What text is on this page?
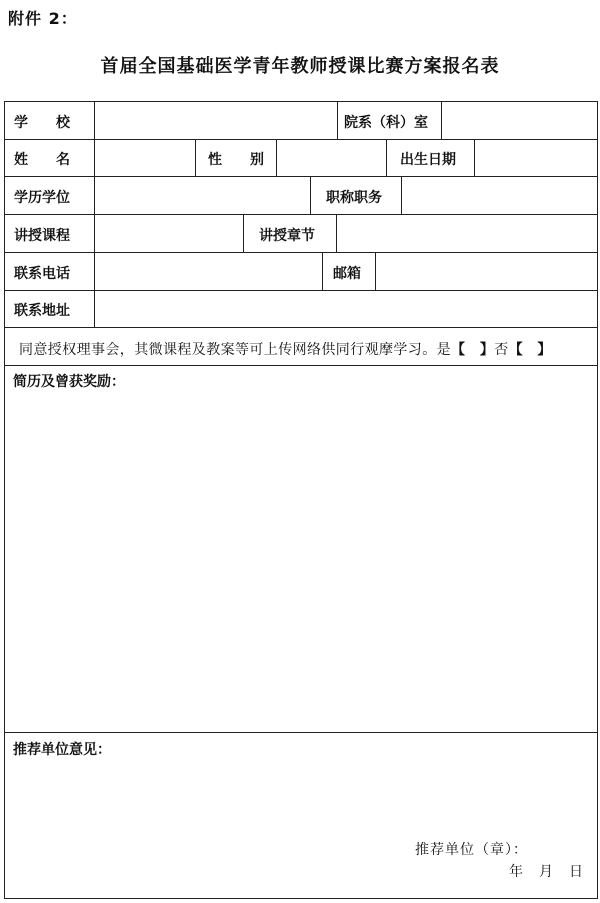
附件 2：
首届全国基础医学青年教师授课比赛方案报名表
学　　校	院系（科）室
姓　　名	性　　别	出生日期
学历学位	职称职务
讲授课程	讲授章节
联系电话	邮箱
联系地址
同意授权理事会，其微课程及教案等可上传网络供同行观摩学习。是【　】否【　】
简历及曾获奖励：
推荐单位意见：
推荐单位（章）：
年　月　日
